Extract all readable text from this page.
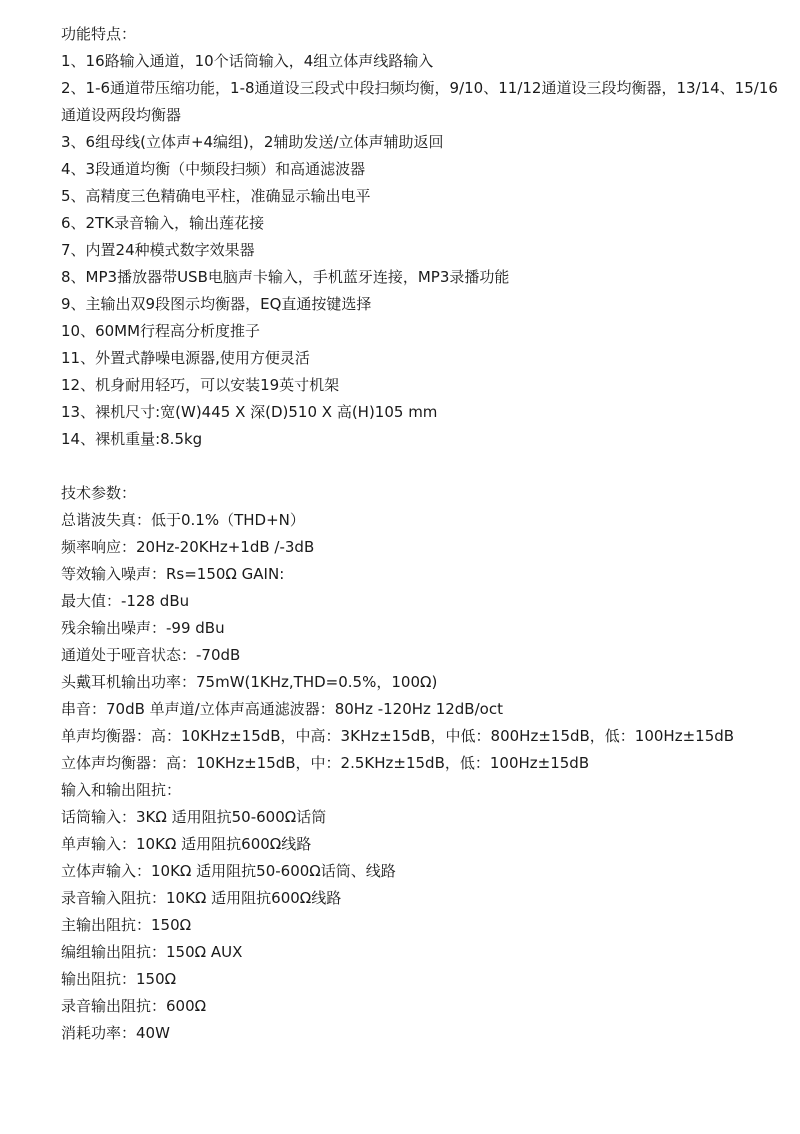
功能特点：
1、16路输入通道，10个话筒输入，4组立体声线路输入
2、1-6通道带压缩功能，1-8通道设三段式中段扫频均衡，9/10、11/12通道设三段均衡器，13/14、15/16通道设两段均衡器
3、6组母线(立体声+4编组)，2辅助发送/立体声辅助返回
4、3段通道均衡（中频段扫频）和高通滤波器
5、高精度三色精确电平柱，准确显示输出电平
6、2TK录音输入，输出莲花接
7、内置24种模式数字效果器
8、MP3播放器带USB电脑声卡输入，手机蓝牙连接，MP3录播功能
9、主输出双9段图示均衡器，EQ直通按键选择
10、60MM行程高分析度推子
11、外置式静噪电源器,使用方便灵活
12、机身耐用轻巧，可以安装19英寸机架
13、裸机尺寸:宽(W)445 X 深(D)510 X 高(H)105 mm
14、裸机重量:8.5kg
技术参数：
总谐波失真：低于0.1%（THD+N）
频率响应：20Hz-20KHz+1dB /-3dB
等效输入噪声：Rs=150Ω GAIN:
最大值：-128 dBu
残余输出噪声：-99 dBu
通道处于哑音状态：-70dB
头戴耳机输出功率：75mW(1KHz,THD=0.5%，100Ω)
串音：70dB 单声道/立体声高通滤波器：80Hz -120Hz 12dB/oct
单声均衡器：高：10KHz±15dB，中高：3KHz±15dB，中低：800Hz±15dB，低：100Hz±15dB
立体声均衡器：高：10KHz±15dB，中：2.5KHz±15dB，低：100Hz±15dB
输入和输出阻抗：
话筒输入：3KΩ 适用阻抗50-600Ω话筒
单声输入：10KΩ 适用阻抗600Ω线路
立体声输入：10KΩ 适用阻抗50-600Ω话筒、线路
录音输入阻抗：10KΩ 适用阻抗600Ω线路
主输出阻抗：150Ω
编组输出阻抗：150Ω AUX
输出阻抗：150Ω
录音输出阻抗：600Ω
消耗功率：40W
